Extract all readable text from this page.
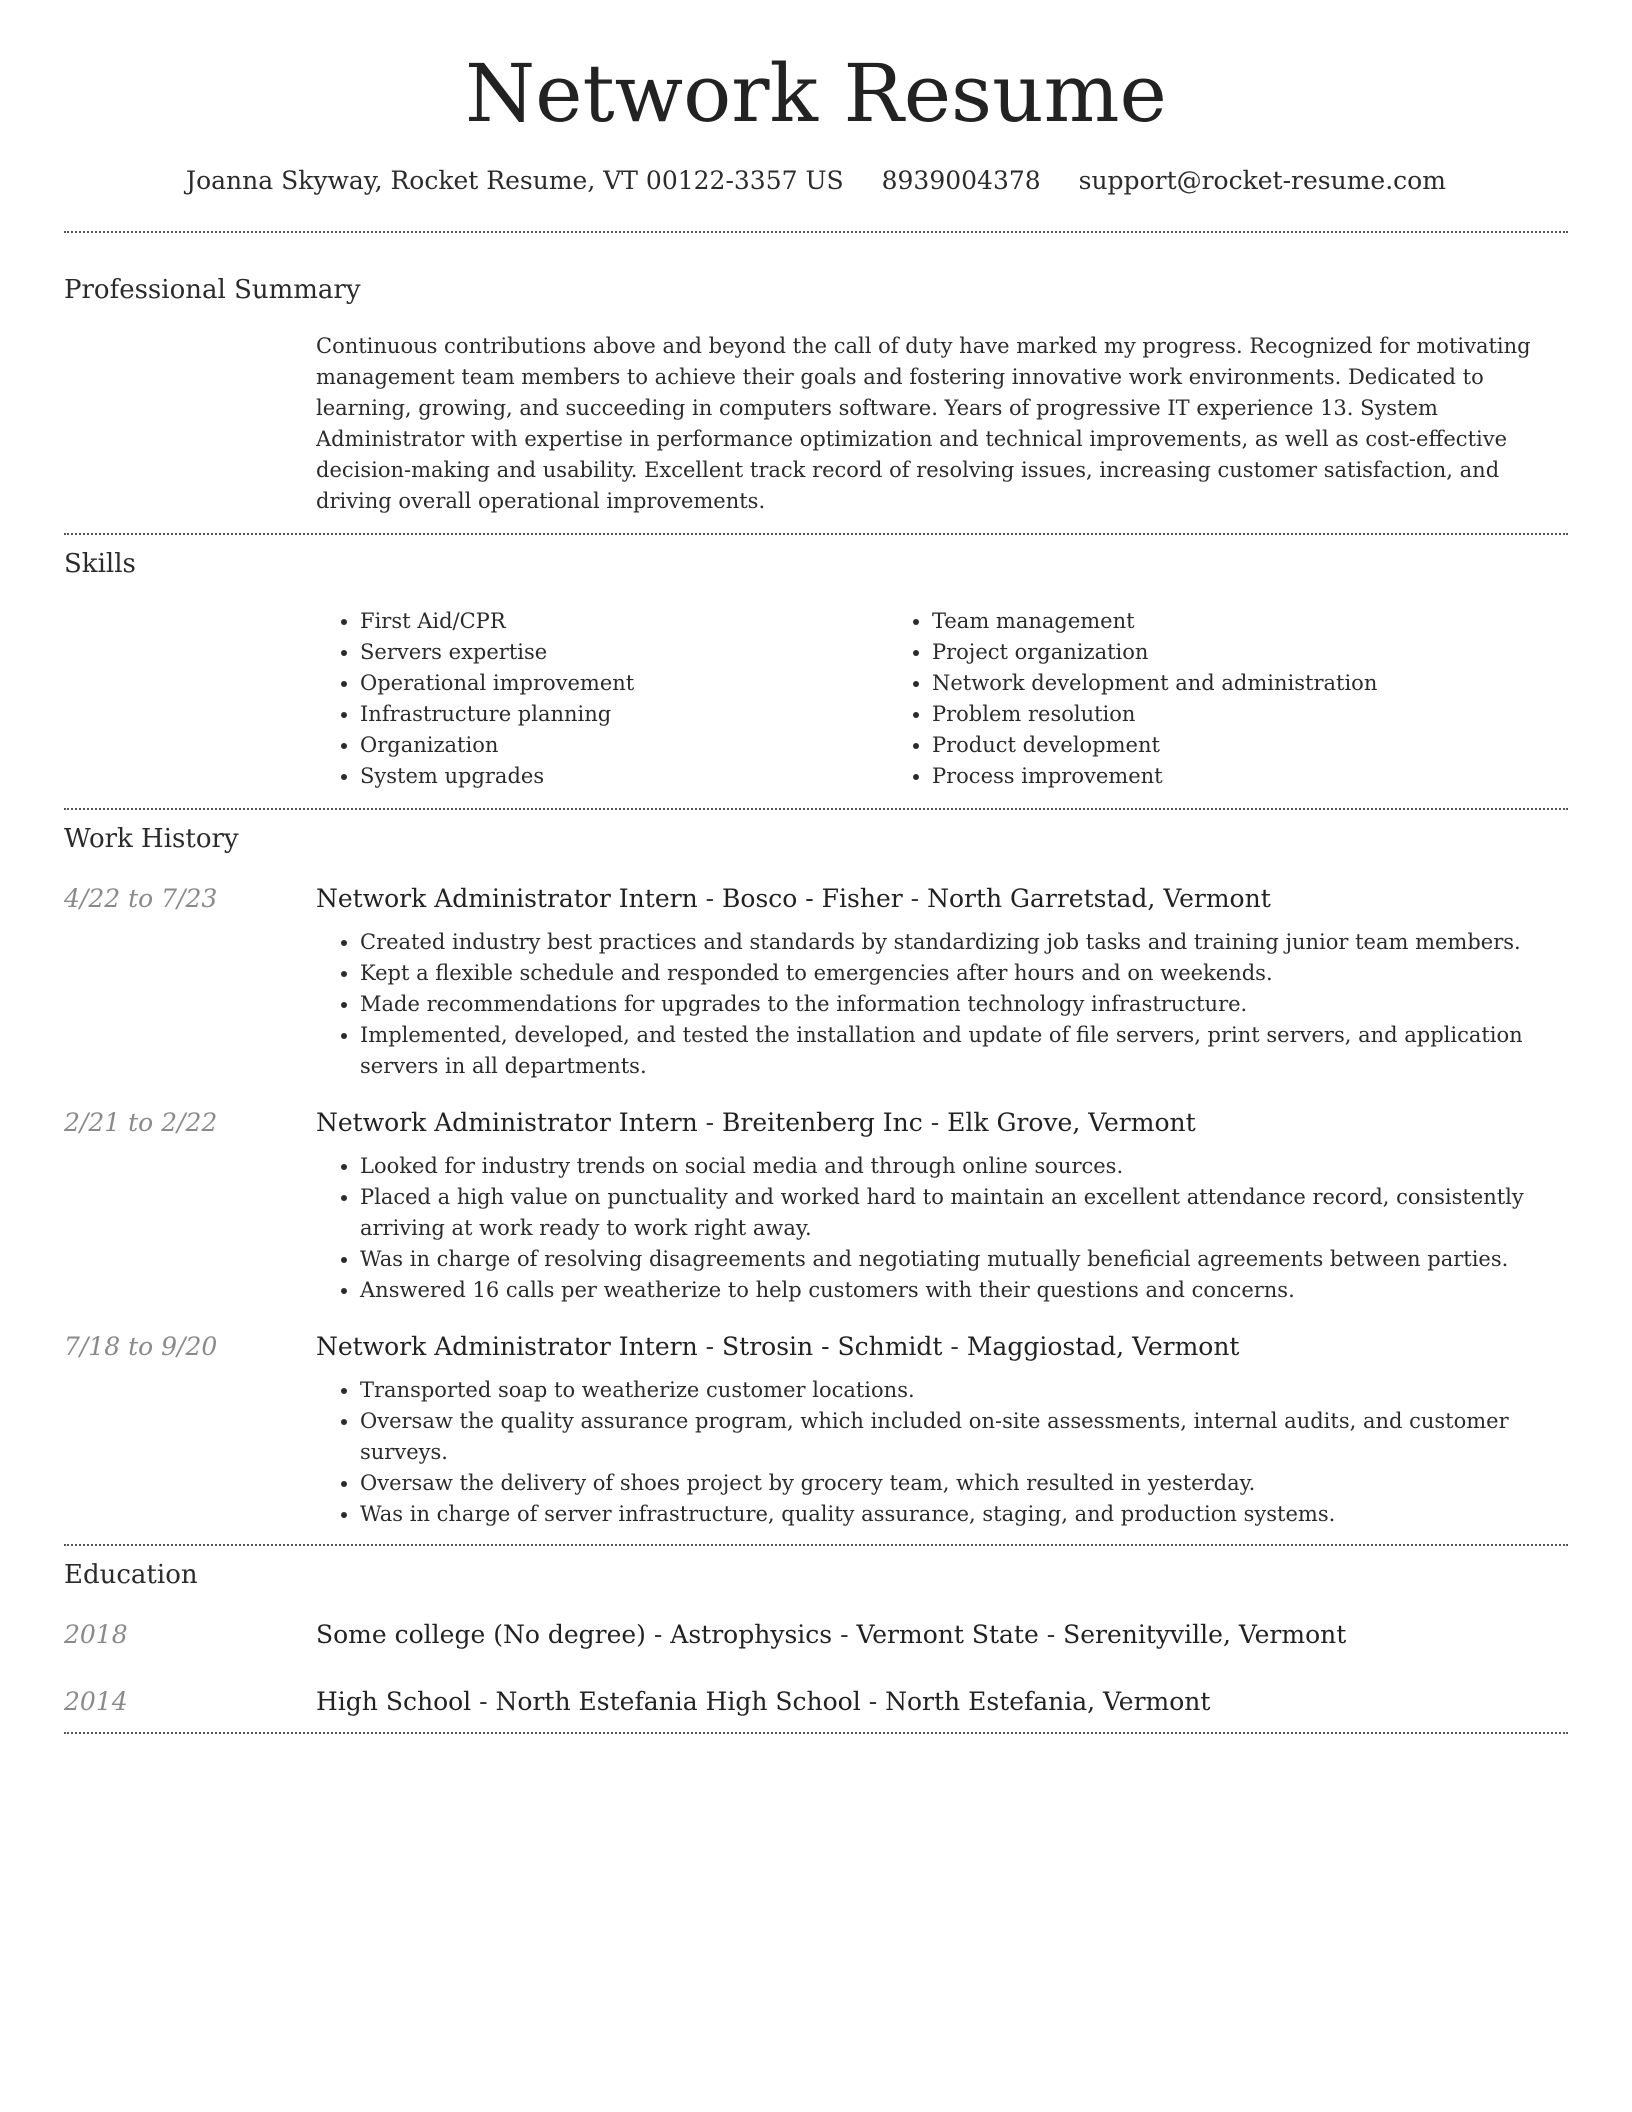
Network Resume
Joanna Skyway, Rocket Resume, VT 00122-3357 US 8939004378 support@rocket-resume.com
Professional Summary

Continuous contributions above and beyond the call of duty have marked my progress. Recognized for motivating management team members to achieve their goals and fostering innovative work environments. Dedicated to learning, growing, and succeeding in computers software. Years of progressive IT experience 13. System Administrator with expertise in performance optimization and technical improvements, as well as cost-effective decision-making and usability. Excellent track record of resolving issues, increasing customer satisfaction, and driving overall operational improvements.

Skills
• First Aid/CPR
• Servers expertise
• Operational improvement
• Infrastructure planning
• Organization
• System upgrades
• Team management
• Project organization
• Network development and administration
• Problem resolution
• Product development
• Process improvement
Work History
4/22 to 7/23	Network Administrator Intern - Bosco - Fisher - North Garretstad, Vermont
• Created industry best practices and standards by standardizing job tasks and training junior team members.
• Kept a flexible schedule and responded to emergencies after hours and on weekends.
• Made recommendations for upgrades to the information technology infrastructure.
• Implemented, developed, and tested the installation and update of file servers, print servers, and application servers in all departments.
2/21 to 2/22	Network Administrator Intern - Breitenberg Inc - Elk Grove, Vermont
• Looked for industry trends on social media and through online sources.
• Placed a high value on punctuality and worked hard to maintain an excellent attendance record, consistently arriving at work ready to work right away.
• Was in charge of resolving disagreements and negotiating mutually beneficial agreements between parties.
• Answered 16 calls per weatherize to help customers with their questions and concerns.
7/18 to 9/20	Network Administrator Intern - Strosin - Schmidt - Maggiostad, Vermont
• Transported soap to weatherize customer locations.
• Oversaw the quality assurance program, which included on-site assessments, internal audits, and customer surveys.
• Oversaw the delivery of shoes project by grocery team, which resulted in yesterday.
• Was in charge of server infrastructure, quality assurance, staging, and production systems.
Education
2018	Some college (No degree) - Astrophysics - Vermont State - Serenityville, Vermont
2014	High School - North Estefania High School - North Estefania, Vermont
